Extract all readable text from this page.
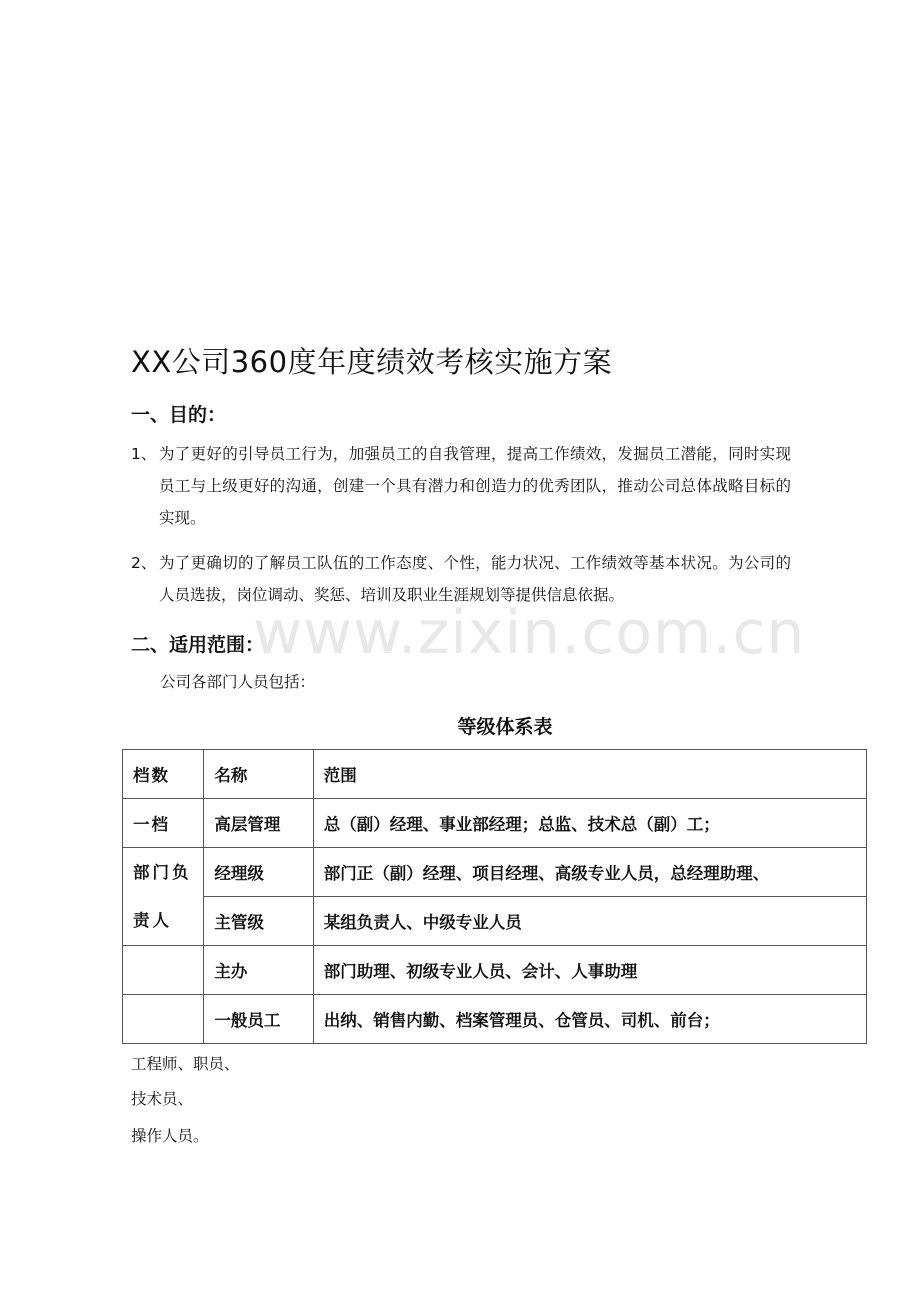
XX公司360度年度绩效考核实施方案
一、目的：
1、 为了更好的引导员工行为，加强员工的自我管理，提高工作绩效，发掘员工潜能，同时实现员工与上级更好的沟通，创建一个具有潜力和创造力的优秀团队，推动公司总体战略目标的实现。
2、 为了更确切的了解员工队伍的工作态度、个性，能力状况、工作绩效等基本状况。为公司的人员选拔，岗位调动、奖惩、培训及职业生涯规划等提供信息依据。
www.zixin.com.cn
二、适用范围：
公司各部门人员包括：
等级体系表
档数	名称	范围
一档	高层管理	总（副）经理、事业部经理；总监、技术总（副）工；
部门负责人	经理级	部门正（副）经理、项目经理、高级专业人员，总经理助理、
	主管级	某组负责人、中级专业人员
	主办	部门助理、初级专业人员、会计、人事助理
	一般员工	出纳、销售内勤、档案管理员、仓管员、司机、前台；
工程师、职员、
技术员、
操作人员。
